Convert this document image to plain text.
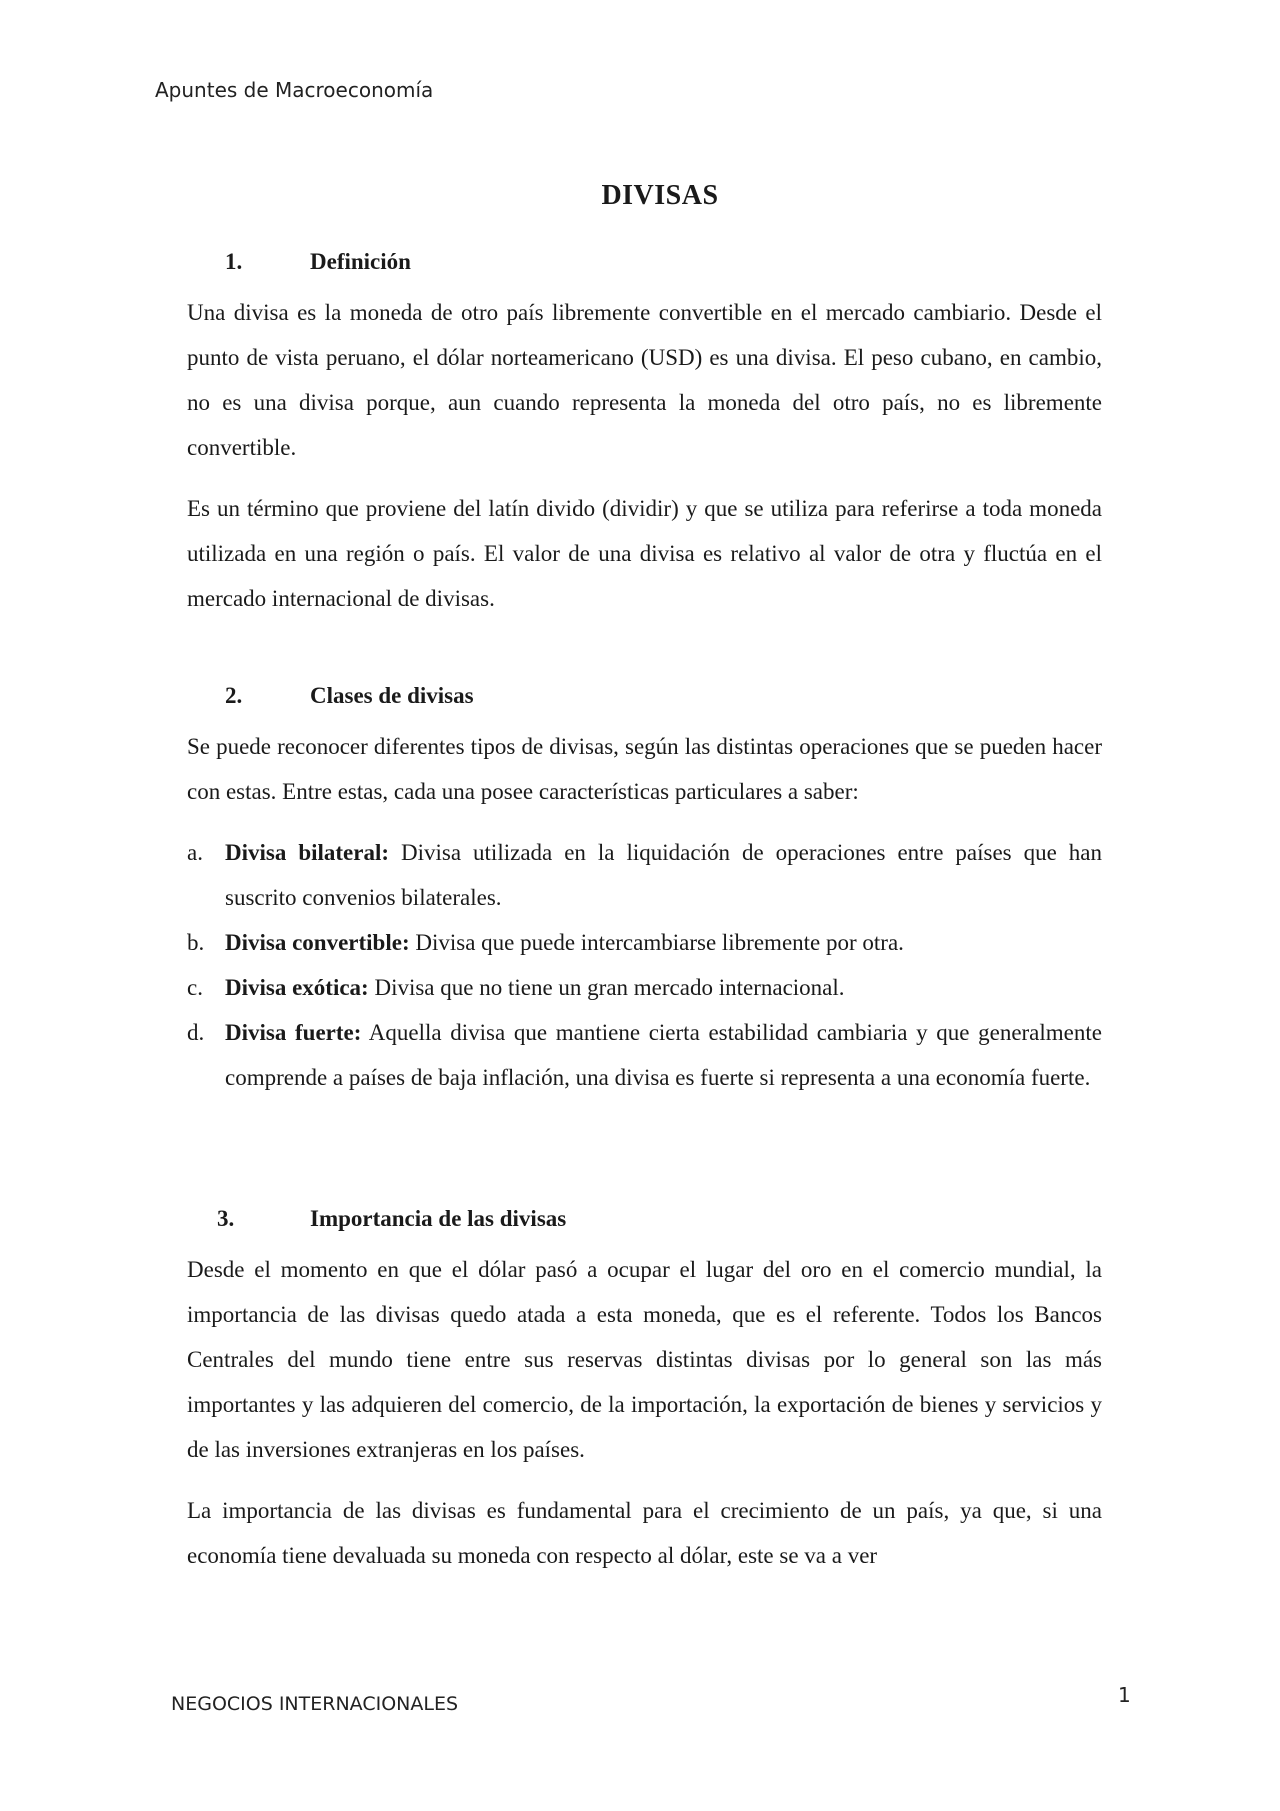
Apuntes de Macroeconomía
DIVISAS
1.	Definición

Una divisa es la moneda de otro país libremente convertible en el mercado cambiario. Desde el punto de vista peruano, el dólar norteamericano (USD) es una divisa. El peso cubano, en cambio, no es una divisa porque, aun cuando representa la moneda del otro país, no es libremente convertible.

Es un término que proviene del latín divido (dividir) y que se utiliza para referirse a toda moneda utilizada en una región o país. El valor de una divisa es relativo al valor de otra y fluctúa en el mercado internacional de divisas.

2.	Clases de divisas

Se puede reconocer diferentes tipos de divisas, según las distintas operaciones que se pueden hacer con estas. Entre estas, cada una posee características particulares a saber:

a. Divisa bilateral: Divisa utilizada en la liquidación de operaciones entre países que han suscrito convenios bilaterales.
b. Divisa convertible: Divisa que puede intercambiarse libremente por otra.
c. Divisa exótica: Divisa que no tiene un gran mercado internacional.
d. Divisa fuerte: Aquella divisa que mantiene cierta estabilidad cambiaria y que generalmente comprende a países de baja inflación, una divisa es fuerte si representa a una economía fuerte.
3.	Importancia de las divisas

Desde el momento en que el dólar pasó a ocupar el lugar del oro en el comercio mundial, la importancia de las divisas quedo atada a esta moneda, que es el referente. Todos los Bancos Centrales del mundo tiene entre sus reservas distintas divisas por lo general son las más importantes y las adquieren del comercio, de la importación, la exportación de bienes y servicios y de las inversiones extranjeras en los países.

La importancia de las divisas es fundamental para el crecimiento de un país, ya que, si una economía tiene devaluada su moneda con respecto al dólar, este se va a ver

NEGOCIOS INTERNACIONALES	1
